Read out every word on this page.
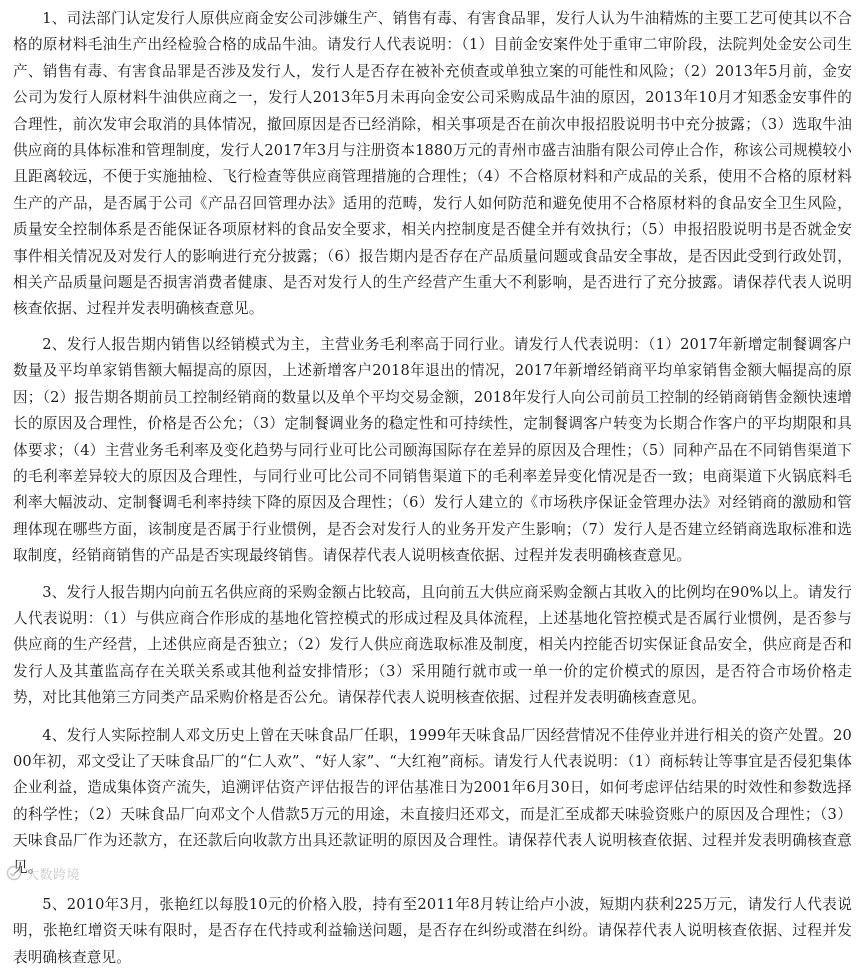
1、司法部门认定发行人原供应商金安公司涉嫌生产、销售有毒、有害食品罪，发行人认为牛油精炼的主要工艺可使其以不合格的原材料毛油生产出经检验合格的成品牛油。请发行人代表说明：（1）目前金安案件处于重审二审阶段，法院判处金安公司生产、销售有毒、有害食品罪是否涉及发行人，发行人是否存在被补充侦查或单独立案的可能性和风险；（2）2013年5月前，金安公司为发行人原材料牛油供应商之一，发行人2013年5月未再向金安公司采购成品牛油的原因，2013年10月才知悉金安事件的合理性，前次发审会取消的具体情况，撤回原因是否已经消除，相关事项是否在前次申报招股说明书中充分披露；（3）选取牛油供应商的具体标准和管理制度，发行人2017年3月与注册资本1880万元的青州市盛吉油脂有限公司停止合作，称该公司规模较小且距离较远，不便于实施抽检、飞行检查等供应商管理措施的合理性；（4）不合格原材料和产成品的关系，使用不合格的原材料生产的产品，是否属于公司《产品召回管理办法》适用的范畴，发行人如何防范和避免使用不合格原材料的食品安全卫生风险，质量安全控制体系是否能保证各项原材料的食品安全要求，相关内控制度是否健全并有效执行；（5）申报招股说明书是否就金安事件相关情况及对发行人的影响进行充分披露；（6）报告期内是否存在产品质量问题或食品安全事故，是否因此受到行政处罚，相关产品质量问题是否损害消费者健康、是否对发行人的生产经营产生重大不利影响，是否进行了充分披露。请保荐代表人说明核查依据、过程并发表明确核查意见。

2、发行人报告期内销售以经销模式为主，主营业务毛利率高于同行业。请发行人代表说明：（1）2017年新增定制餐调客户数量及平均单家销售额大幅提高的原因，上述新增客户2018年退出的情况，2017年新增经销商平均单家销售金额大幅提高的原因；（2）报告期各期前员工控制经销商的数量以及单个平均交易金额，2018年发行人向公司前员工控制的经销商销售金额快速增长的原因及合理性，价格是否公允；（3）定制餐调业务的稳定性和可持续性，定制餐调客户转变为长期合作客户的平均期限和具体要求；（4）主营业务毛利率及变化趋势与同行业可比公司颐海国际存在差异的原因及合理性；（5）同种产品在不同销售渠道下的毛利率差异较大的原因及合理性，与同行业可比公司不同销售渠道下的毛利率差异变化情况是否一致；电商渠道下火锅底料毛利率大幅波动、定制餐调毛利率持续下降的原因及合理性；（6）发行人建立的《市场秩序保证金管理办法》对经销商的激励和管理体现在哪些方面，该制度是否属于行业惯例，是否会对发行人的业务开发产生影响；（7）发行人是否建立经销商选取标准和选取制度，经销商销售的产品是否实现最终销售。请保荐代表人说明核查依据、过程并发表明确核查意见。

3、发行人报告期内向前五名供应商的采购金额占比较高，且向前五大供应商采购金额占其收入的比例均在90%以上。请发行人代表说明：（1）与供应商合作形成的基地化管控模式的形成过程及具体流程，上述基地化管控模式是否属行业惯例，是否参与供应商的生产经营，上述供应商是否独立；（2）发行人供应商选取标准及制度，相关内控能否切实保证食品安全，供应商是否和发行人及其董监高存在关联关系或其他利益安排情形；（3）采用随行就市或一单一价的定价模式的原因，是否符合市场价格走势，对比其他第三方同类产品采购价格是否公允。请保荐代表人说明核查依据、过程并发表明确核查意见。

4、发行人实际控制人邓文历史上曾在天味食品厂任职，1999年天味食品厂因经营情况不佳停业并进行相关的资产处置。2000年初，邓文受让了天味食品厂的“仁人欢”、“好人家”、“大红袍”商标。请发行人代表说明：（1）商标转让等事宜是否侵犯集体企业利益，造成集体资产流失，追溯评估资产评估报告的评估基准日为2001年6月30日，如何考虑评估结果的时效性和参数选择的科学性；（2）天味食品厂向邓文个人借款5万元的用途，未直接归还邓文，而是汇至成都天味验资账户的原因及合理性；（3）天味食品厂作为还款方，在还款后向收款方出具还款证明的原因及合理性。请保荐代表人说明核查依据、过程并发表明确核查意见。

5、2010年3月，张艳红以每股10元的价格入股，持有至2011年8月转让给卢小波，短期内获利225万元，请发行人代表说明，张艳红增资天味有限时，是否存在代持或利益输送问题，是否存在纠纷或潜在纠纷。请保荐代表人说明核查依据、过程并发表明确核查意见。

大数跨境
